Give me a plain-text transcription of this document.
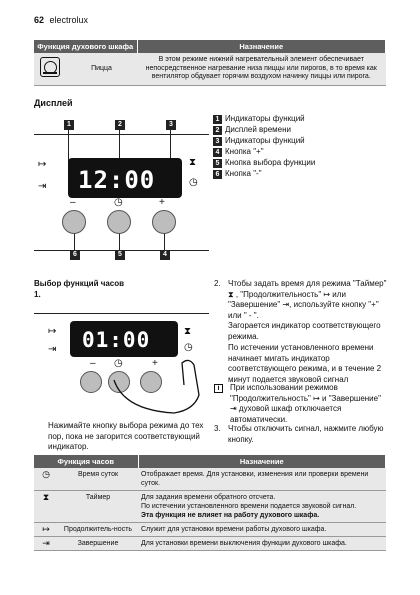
62 electrolux
Функция духового шкафа		Назначение
	Пицца	В этом режиме нижний нагревательный элемент обеспечивает непосредственное нагревание низа пиццы или пирогов, в то время как вентилятор обдувает горячим воздухом начинку пиццы или пирога.
Дисплей
1	2	3
↦
⇥
⧗
◷
12:00
–	◷	+
6	5	4
1 Индикаторы функций
2 Дисплей времени
3 Индикаторы функций
4 Кнопка "+"
5 Кнопка выбора функции
6 Кнопка "-"
Выбор функций часов
1.
↦
⇥
⧗
◷
01:00
– ◷	+
Нажимайте кнопку выбора режима до тех пор, пока не загорится соответствующий индикатор.
2. Чтобы задать время для режима "Таймер" ⧗ , "Продолжительность" ↦ или "Завершение" ⇥, используйте кнопку "+" или " - ".
Загорается индикатор соответствующего режима.
По истечении установленного времени начинает мигать индикатор соответствующего режима, и в течение 2 минут подается звуковой сигнал
i	При использовании режимов "Продолжительность" ↦ и "Завершение" ⇥ духовой шкаф отключается автоматически.
3. Чтобы отключить сигнал, нажмите любую кнопку.
Функция часов		Назначение
◷	Время суток	Отображает время. Для установки, изменения или проверки времени суток.

⧗	Таймер	Для задания времени обратного отсчета.
По истечении установленного времени подается звуковой сигнал.
Эта функция не влияет на работу духового шкафа.

↦	Продолжитель-ность	Служит для установки времени работы духового шкафа.

⇥	Завершение	Для установки времени выключения функции духового шкафа.
